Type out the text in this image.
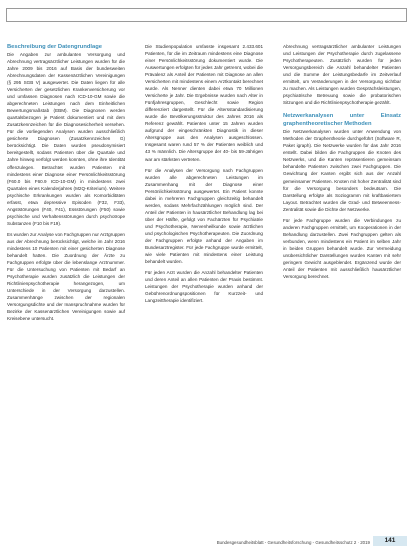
Beschreibung der Datengrundlage

Die Angaben zur ambulanten Versorgung und Abrechnung vertragsärztlicher Leistungen wurden für die Jahre 2009 bis 2016 auf Basis der bundesweiten Abrechnungsdaten der Kassenärztlichen Vereinigungen (§ 295 SGB V) ausgewertet. Die Daten liegen für alle Versicherten der gesetzlichen Krankenversicherung vor und umfassen Diagnosen nach ICD-10-GM sowie die abgerechneten Leistungen nach dem Einheitlichen Bewertungsmaßstab (EBM). Die Diagnosen werden quartalsbezogen je Patient dokumentiert und mit dem Zusatzkennzeichen für die Diagnosesicherheit versehen. Für die vorliegenden Analysen wurden ausschließlich gesicherte Diagnosen (Zusatzkennzeichen G) berücksichtigt. Die Daten wurden pseudonymisiert bereitgestellt, sodass Patienten über die Quartale und Jahre hinweg verfolgt werden konnten, ohne ihre Identität offenzulegen. Betrachtet wurden Patienten mit mindestens einer Diagnose einer Persönlichkeitsstörung (F60.0 bis F60.9 ICD-10-GM) in mindestens zwei Quartalen eines Kalenderjahres (M2Q-Kriterium). Weitere psychische Erkrankungen wurden als Komorbiditäten erfasst, etwa depressive Episoden (F32, F33), Angststörungen (F40, F41), Essstörungen (F50) sowie psychische und Verhaltensstörungen durch psychotrope Substanzen (F10 bis F19).

Es wurden zur Analyse von Fachgruppen nur Arztgruppen aus der Abrechnung berücksichtigt, welche im Jahr 2016 mindestens 10 Patienten mit einer gesicherten Diagnose behandelt hatten. Die Zuordnung der Ärzte zu Fachgruppen erfolgte über die lebenslange Arztnummer. Für die Untersuchung von Patienten mit Bedarf an Psychotherapie wurden zusätzlich die Leistungen der Richtlinienpsychotherapie herangezogen, um Unterschiede in der Versorgung darzustellen. Zusammenhänge zwischen der regionalen Versorgungsdichte und der Inanspruchnahme wurden für Bezirke der Kassenärztlichen Vereinigungen sowie auf Kreisebene untersucht.

Die Studienpopulation umfasste insgesamt 2.433.601 Patienten, für die im Zeitraum mindestens eine Diagnose einer Persönlichkeitsstörung dokumentiert wurde. Die Auswertungen erfolgten für jedes Jahr getrennt, wobei die Prävalenz als Anteil der Patienten mit Diagnose an allen Versicherten mit mindestens einem Arztkontakt berechnet wurde. Als Nenner dienten dabei etwa 70 Millionen Versicherte je Jahr. Die Ergebnisse wurden nach Alter in Fünfjahresgruppen, Geschlecht sowie Region differenziert dargestellt. Für die Altersstandardisierung wurde die Bevölkerungsstruktur des Jahres 2016 als Referenz gewählt. Patienten unter 15 Jahren wurden aufgrund der eingeschränkten Diagnostik in dieser Altersgruppe aus den Analysen ausgeschlossen. Insgesamt waren rund 57 % der Patienten weiblich und 43 % männlich. Die Altersgruppe der 40- bis 59-Jährigen war am stärksten vertreten.

Für die Analysen der Versorgung nach Fachgruppen wurden alle abgerechneten Leistungen im Zusammenhang mit der Diagnose einer Persönlichkeitsstörung ausgewertet. Ein Patient konnte dabei in mehreren Fachgruppen gleichzeitig behandelt werden, sodass Mehrfachzählungen möglich sind. Der Anteil der Patienten in hausärztlicher Behandlung lag bei über der Hälfte, gefolgt von Fachärzten für Psychiatrie und Psychotherapie, Nervenheilkunde sowie ärztlichen und psychologischen Psychotherapeuten. Die Zuordnung der Fachgruppen erfolgte anhand der Angaben im Bundesarztregister. Für jede Fachgruppe wurde ermittelt, wie viele Patienten mit mindestens einer Leistung behandelt wurden.

Für jeden Arzt wurden die Anzahl behandelter Patienten und deren Anteil an allen Patienten der Praxis bestimmt. Leistungen der Psychotherapie wurden anhand der Gebührenordnungspositionen für Kurzzeit- und Langzeittherapie identifiziert.

Abrechnung vertragsärztlicher ambulanter Leistungen und Leistungen der Psychotherapie durch zugelassene Psychotherapeuten. Zusätzlich wurden für jeden Versorgungsbereich die Anzahl behandelter Patienten und die Summe der Leistungsbedarfe im Zeitverlauf ermittelt, um Veränderungen in der Versorgung sichtbar zu machen. Als Leistungen wurden Gesprächsleistungen, psychiatrische Betreuung sowie die probatorischen Sitzungen und die Richtlinienpsychotherapie gezählt.

Netzwerkanalysen unter Einsatz graphentheoretischer Methoden

Die Netzwerkanalysen wurden unter Anwendung von Methoden der Graphentheorie durchgeführt (Software R, Paket igraph). Die Netzwerke wurden für das Jahr 2016 erstellt. Dabei bilden die Fachgruppen die Knoten des Netzwerks, und die Kanten repräsentieren gemeinsam behandelte Patienten zwischen zwei Fachgruppen. Die Gewichtung der Kanten ergibt sich aus der Anzahl gemeinsamer Patienten. Knoten mit hoher Zentralität sind für die Versorgung besonders bedeutsam. Die Darstellung erfolgte als Soziogramm mit kraftbasiertem Layout. Betrachtet wurden die Grad- und Betweenness-Zentralität sowie die Dichte der Netzwerke.

Für jede Fachgruppe wurden die Verbindungen zu anderen Fachgruppen ermittelt, um Kooperationen in der Behandlung darzustellen. Zwei Fachgruppen gelten als verbunden, wenn mindestens ein Patient im selben Jahr in beiden Gruppen behandelt wurde. Zur Vermeidung unübersichtlicher Darstellungen wurden Kanten mit sehr geringem Gewicht ausgeblendet. Ergänzend wurde der Anteil der Patienten mit ausschließlich hausärztlicher Versorgung berechnet.

Bundesgesundheitsblatt - Gesundheitsforschung - Gesundheitsschutz 2 · 2019	141
